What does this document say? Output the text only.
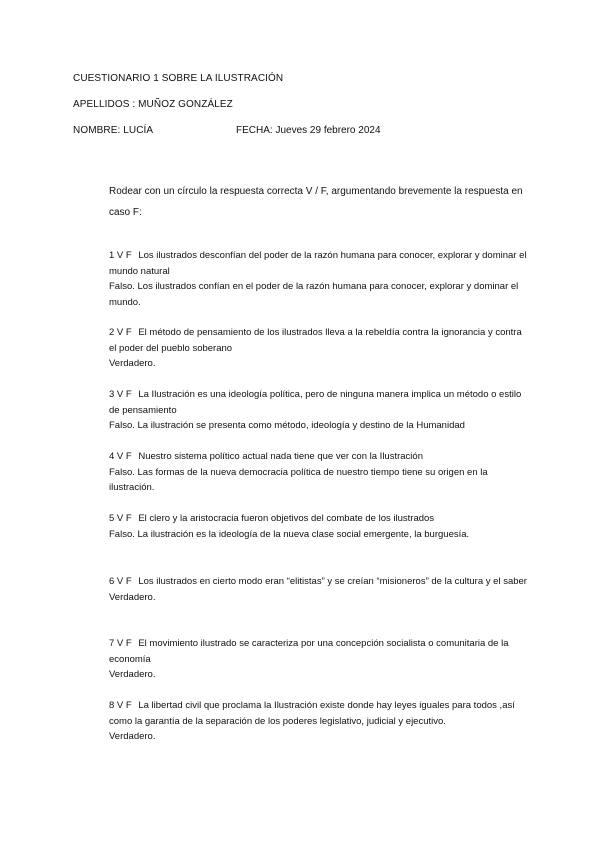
CUESTIONARIO 1 SOBRE LA ILUSTRACIÓN
APELLIDOS : MUÑOZ GONZÁLEZ
NOMBRE: LUCÍA	FECHA: Jueves 29 febrero 2024
Rodear con un círculo la respuesta correcta V / F, argumentando brevemente la respuesta en caso F:

1 V F Los ilustrados desconfían del poder de la razón humana para conocer, explorar y dominar el mundo natural

Falso. Los ilustrados confían en el poder de la razón humana para conocer, explorar y dominar el mundo.

2 V F El método de pensamiento de los ilustrados lleva a la rebeldía contra la ignorancia y contra el poder del pueblo soberano

Verdadero.

3 V F La Ilustración es una ideología política, pero de ninguna manera implica un método o estilo de pensamiento

Falso. La ilustración se presenta como método, ideología y destino de la Humanidad

4 V F Nuestro sistema político actual nada tiene que ver con la Ilustración

Falso. Las formas de la nueva democracia política de nuestro tiempo tiene su origen en la ilustración.

5 V F El clero y la aristocracia fueron objetivos del combate de los ilustrados

Falso. La ilustración es la ideología de la nueva clase social emergente, la burguesía.

6 V F Los ilustrados en cierto modo eran “elitistas” y se creían “misioneros” de la cultura y el saber

Verdadero.

7 V F El movimiento ilustrado se caracteriza por una concepción socialista o comunitaria de la economía

Verdadero.

8 V F La libertad civil que proclama la Ilustración existe donde hay leyes iguales para todos ,así como la garantía de la separación de los poderes legislativo, judicial y ejecutivo.

Verdadero.
